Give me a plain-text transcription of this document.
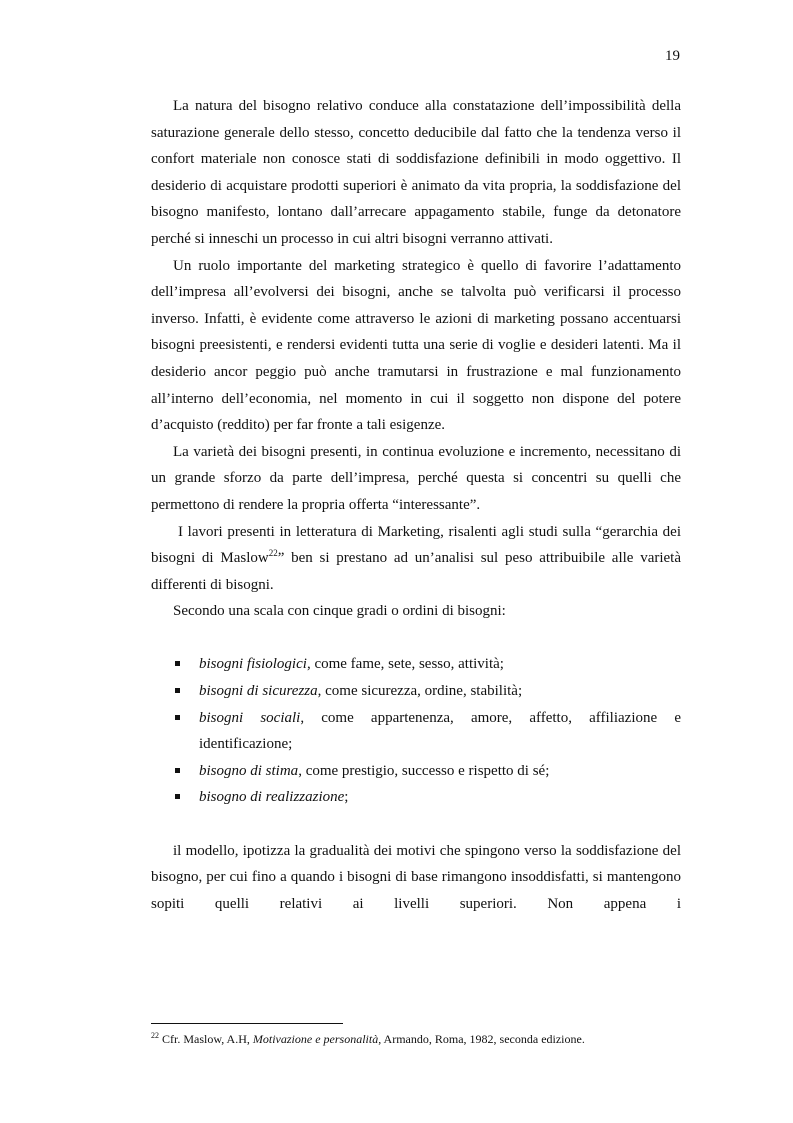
19

La natura del bisogno relativo conduce alla constatazione dell’impossibilità della saturazione generale dello stesso, concetto deducibile dal fatto che la tendenza verso il confort materiale non conosce stati di soddisfazione definibili in modo oggettivo. Il desiderio di acquistare prodotti superiori è animato da vita propria, la soddisfazione del bisogno manifesto, lontano dall’arrecare appagamento stabile, funge da detonatore perché si inneschi un processo in cui altri bisogni verranno attivati.

Un ruolo importante del marketing strategico è quello di favorire l’adattamento dell’impresa all’evolversi dei bisogni, anche se talvolta può verificarsi il processo inverso. Infatti, è evidente come attraverso le azioni di marketing possano accentuarsi bisogni preesistenti, e rendersi evidenti tutta una serie di voglie e desideri latenti. Ma il desiderio ancor peggio può anche tramutarsi in frustrazione e mal funzionamento all’interno dell’economia, nel momento in cui il soggetto non dispone del potere d’acquisto (reddito) per far fronte a tali esigenze.

La varietà dei bisogni presenti, in continua evoluzione e incremento, necessitano di un grande sforzo da parte dell’impresa, perché questa si concentri su quelli che permettono di rendere la propria offerta “interessante”.

I lavori presenti in letteratura di Marketing, risalenti agli studi sulla “gerarchia dei bisogni di Maslow$^{22}$” ben si prestano ad un’analisi sul peso attribuibile alle varietà differenti di bisogni.

Secondo una scala con cinque gradi o ordini di bisogni:

bisogni fisiologici, come fame, sete, sesso, attività;
bisogni di sicurezza, come sicurezza, ordine, stabilità;
bisogni sociali, come appartenenza, amore, affetto, affiliazione e identificazione;
bisogno di stima, come prestigio, successo e rispetto di sé;
bisogno di realizzazione;

il modello, ipotizza la gradualità dei motivi che spingono verso la soddisfazione del bisogno, per cui fino a quando i bisogni di base rimangono insoddisfatti, si mantengono sopiti quelli relativi ai livelli superiori. Non appena i

$^{22}$ Cfr. Maslow, A.H, Motivazione e personalità, Armando, Roma, 1982, seconda edizione.
